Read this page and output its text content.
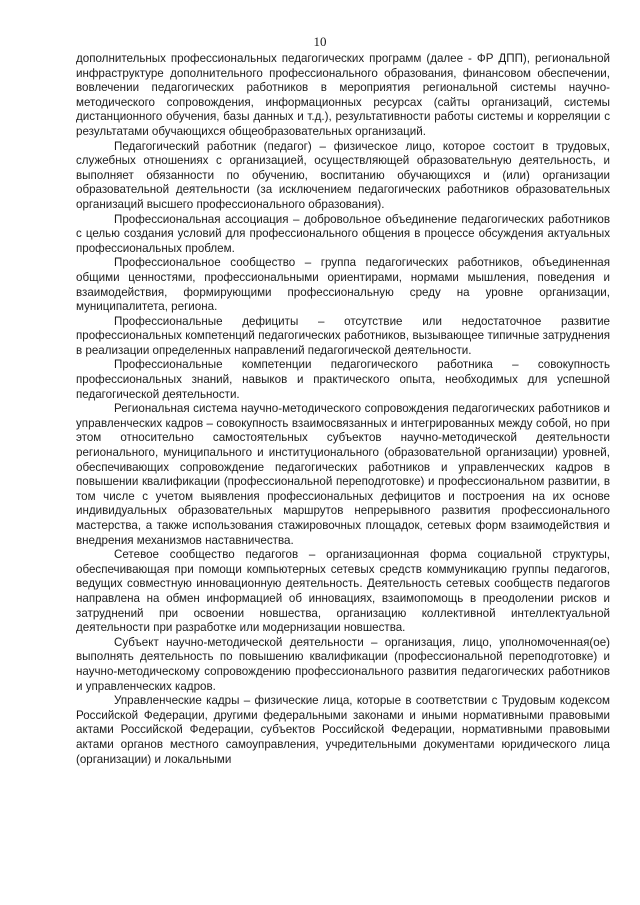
10

дополнительных профессиональных педагогических программ (далее - ФР ДПП), региональной инфраструктуре дополнительного профессионального образования, финансовом обеспечении, вовлечении педагогических работников в мероприятия региональной системы научно-методического сопровождения, информационных ресурсах (сайты организаций, системы дистанционного обучения, базы данных и т.д.), результативности работы системы и корреляции с результатами обучающихся общеобразовательных организаций.

Педагогический работник (педагог) – физическое лицо, которое состоит в трудовых, служебных отношениях с организацией, осуществляющей образовательную деятельность, и выполняет обязанности по обучению, воспитанию обучающихся и (или) организации образовательной деятельности (за исключением педагогических работников образовательных организаций высшего профессионального образования).

Профессиональная ассоциация – добровольное объединение педагогических работников с целью создания условий для профессионального общения в процессе обсуждения актуальных профессиональных проблем.

Профессиональное сообщество – группа педагогических работников, объединенная общими ценностями, профессиональными ориентирами, нормами мышления, поведения и взаимодействия, формирующими профессиональную среду на уровне организации, муниципалитета, региона.

Профессиональные дефициты – отсутствие или недостаточное развитие профессиональных компетенций педагогических работников, вызывающее типичные затруднения в реализации определенных направлений педагогической деятельности.

Профессиональные компетенции педагогического работника – совокупность профессиональных знаний, навыков и практического опыта, необходимых для успешной педагогической деятельности.

Региональная система научно-методического сопровождения педагогических работников и управленческих кадров – совокупность взаимосвязанных и интегрированных между собой, но при этом относительно самостоятельных субъектов научно-методической деятельности регионального, муниципального и институционального (образовательной организации) уровней, обеспечивающих сопровождение педагогических работников и управленческих кадров в повышении квалификации (профессиональной переподготовке) и профессиональном развитии, в том числе с учетом выявления профессиональных дефицитов и построения на их основе индивидуальных образовательных маршрутов непрерывного развития профессионального мастерства, а также использования стажировочных площадок, сетевых форм взаимодействия и внедрения механизмов наставничества.

Сетевое сообщество педагогов – организационная форма социальной структуры, обеспечивающая при помощи компьютерных сетевых средств коммуникацию группы педагогов, ведущих совместную инновационную деятельность. Деятельность сетевых сообществ педагогов направлена на обмен информацией об инновациях, взаимопомощь в преодолении рисков и затруднений при освоении новшества, организацию коллективной интеллектуальной деятельности при разработке или модернизации новшества.

Субъект научно-методической деятельности – организация, лицо, уполномоченная(ое) выполнять деятельность по повышению квалификации (профессиональной переподготовке) и научно-методическому сопровождению профессионального развития педагогических работников и управленческих кадров.

Управленческие кадры – физические лица, которые в соответствии с Трудовым кодексом Российской Федерации, другими федеральными законами и иными нормативными правовыми актами Российской Федерации, субъектов Российской Федерации, нормативными правовыми актами органов местного самоуправления, учредительными документами юридического лица (организации) и локальными
